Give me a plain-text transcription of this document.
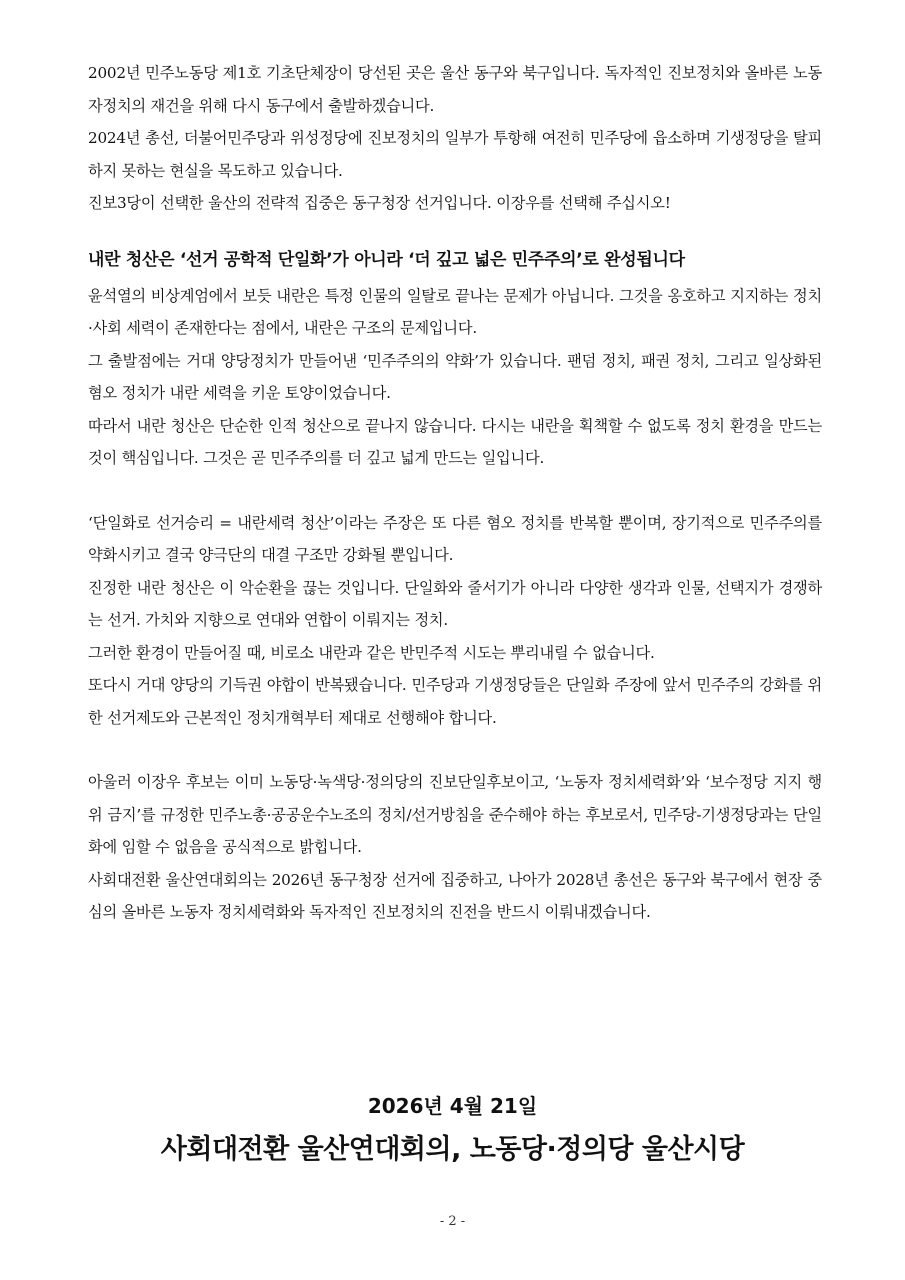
2002년 민주노동당 제1호 기초단체장이 당선된 곳은 울산 동구와 북구입니다. 독자적인 진보정치와 올바른 노동자정치의 재건을 위해 다시 동구에서 출발하겠습니다.

2024년 총선, 더불어민주당과 위성정당에 진보정치의 일부가 투항해 여전히 민주당에 읍소하며 기생정당을 탈피하지 못하는 현실을 목도하고 있습니다.

진보3당이 선택한 울산의 전략적 집중은 동구청장 선거입니다. 이장우를 선택해 주십시오!

내란 청산은 ‘선거 공학적 단일화’가 아니라 ‘더 깊고 넓은 민주주의’로 완성됩니다

윤석열의 비상계엄에서 보듯 내란은 특정 인물의 일탈로 끝나는 문제가 아닙니다. 그것을 옹호하고 지지하는 정치·사회 세력이 존재한다는 점에서, 내란은 구조의 문제입니다.

그 출발점에는 거대 양당정치가 만들어낸 ‘민주주의의 약화’가 있습니다. 팬덤 정치, 패권 정치, 그리고 일상화된 혐오 정치가 내란 세력을 키운 토양이었습니다.

따라서 내란 청산은 단순한 인적 청산으로 끝나지 않습니다. 다시는 내란을 획책할 수 없도록 정치 환경을 만드는 것이 핵심입니다. 그것은 곧 민주주의를 더 깊고 넓게 만드는 일입니다.

‘단일화로 선거승리 = 내란세력 청산’이라는 주장은 또 다른 혐오 정치를 반복할 뿐이며, 장기적으로 민주주의를 약화시키고 결국 양극단의 대결 구조만 강화될 뿐입니다.

진정한 내란 청산은 이 악순환을 끊는 것입니다. 단일화와 줄서기가 아니라 다양한 생각과 인물, 선택지가 경쟁하는 선거. 가치와 지향으로 연대와 연합이 이뤄지는 정치.

그러한 환경이 만들어질 때, 비로소 내란과 같은 반민주적 시도는 뿌리내릴 수 없습니다.

또다시 거대 양당의 기득권 야합이 반복됐습니다. 민주당과 기생정당들은 단일화 주장에 앞서 민주주의 강화를 위한 선거제도와 근본적인 정치개혁부터 제대로 선행해야 합니다.

아울러 이장우 후보는 이미 노동당·녹색당·정의당의 진보단일후보이고, ‘노동자 정치세력화’와 ‘보수정당 지지 행위 금지’를 규정한 민주노총·공공운수노조의 정치/선거방침을 준수해야 하는 후보로서, 민주당-기생정당과는 단일화에 임할 수 없음을 공식적으로 밝힙니다.

사회대전환 울산연대회의는 2026년 동구청장 선거에 집중하고, 나아가 2028년 총선은 동구와 북구에서 현장 중심의 올바른 노동자 정치세력화와 독자적인 진보정치의 진전을 반드시 이뤄내겠습니다.

2026년 4월 21일
사회대전환 울산연대회의, 노동당·정의당 울산시당
- 2 -
